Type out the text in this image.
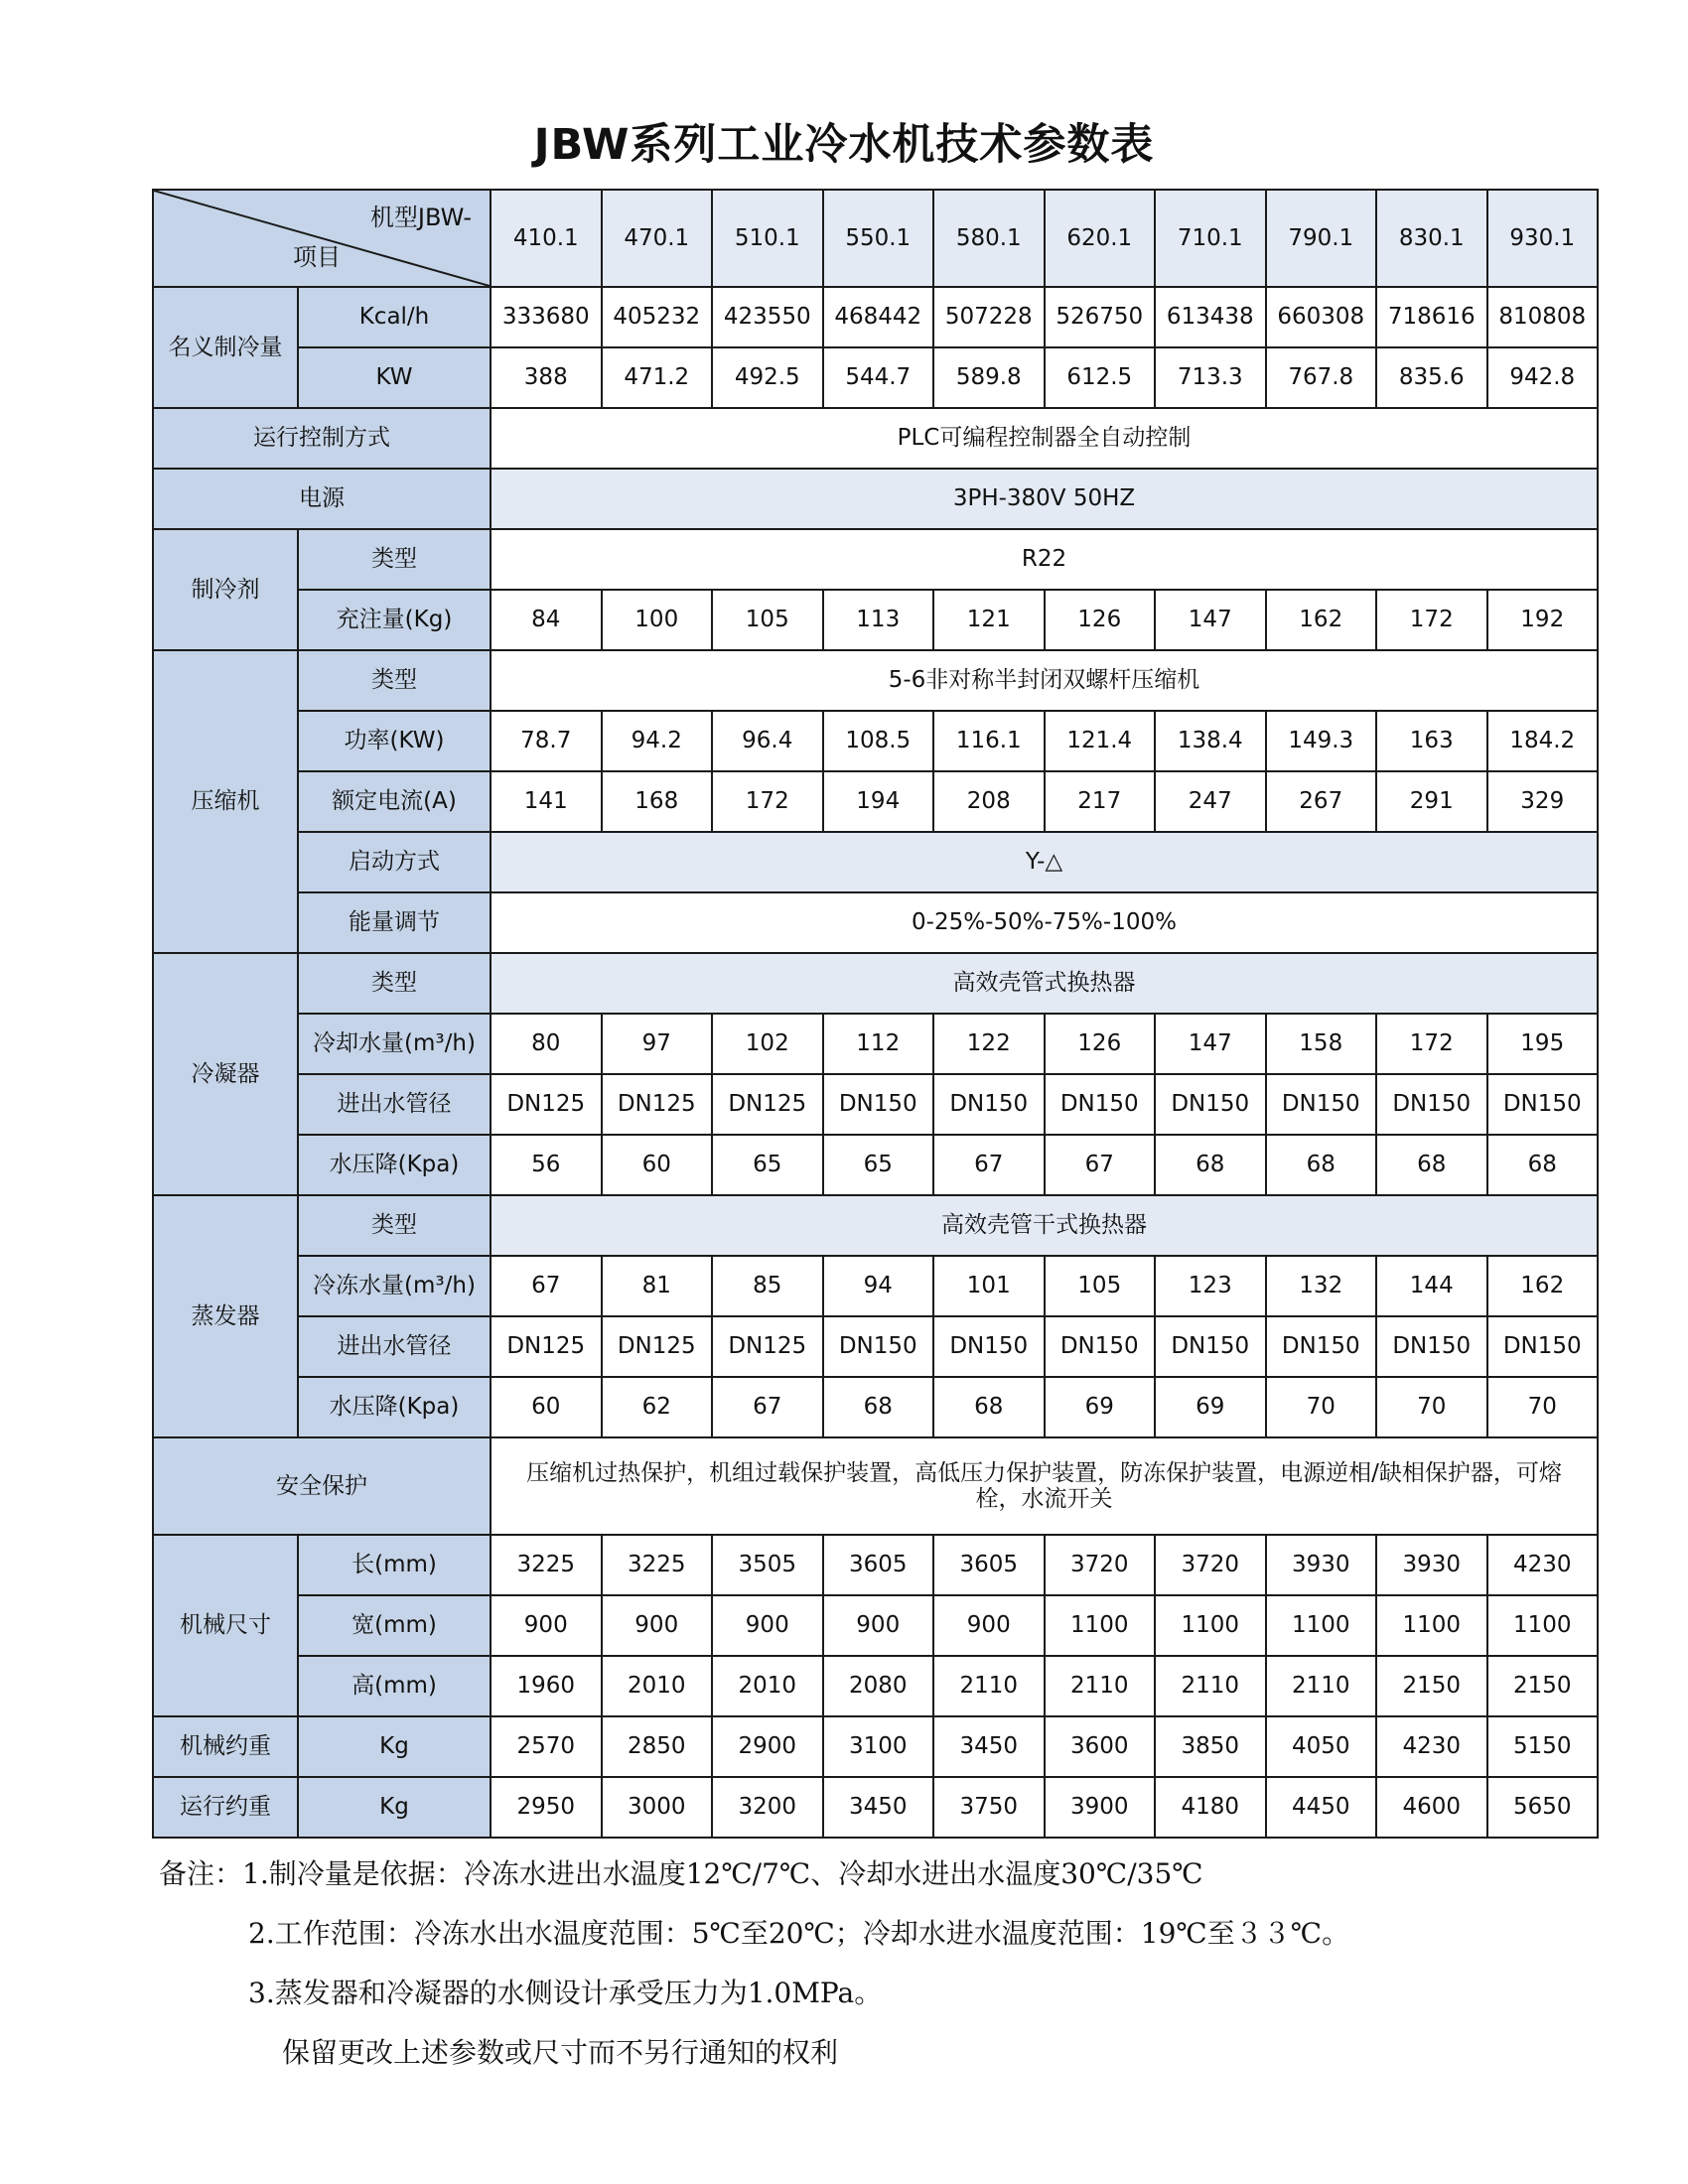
JBW系列工业冷水机技术参数表
机型JBW-
项目		410.1	470.1	510.1	550.1	580.1	620.1	710.1	790.1	830.1	930.1
名义制冷量	Kcal/h	333680	405232	423550	468442	507228	526750	613438	660308	718616	810808
	KW	388	471.2	492.5	544.7	589.8	612.5	713.3	767.8	835.6	942.8
运行控制方式		PLC可编程控制器全自动控制									
电源		3PH-380V 50HZ									
制冷剂	类型	R22									
	充注量(Kg)	84	100	105	113	121	126	147	162	172	192
压缩机	类型	5-6非对称半封闭双螺杆压缩机									
	功率(KW)	78.7	94.2	96.4	108.5	116.1	121.4	138.4	149.3	163	184.2
	额定电流(A)	141	168	172	194	208	217	247	267	291	329
	启动方式	Y-△									
	能量调节	0-25%-50%-75%-100%									
冷凝器	类型	高效壳管式换热器									
	冷却水量(m³/h)	80	97	102	112	122	126	147	158	172	195
	进出水管径	DN125	DN125	DN125	DN150	DN150	DN150	DN150	DN150	DN150	DN150
	水压降(Kpa)	56	60	65	65	67	67	68	68	68	68
蒸发器	类型	高效壳管干式换热器									
	冷冻水量(m³/h)	67	81	85	94	101	105	123	132	144	162
	进出水管径	DN125	DN125	DN125	DN150	DN150	DN150	DN150	DN150	DN150	DN150
	水压降(Kpa)	60	62	67	68	68	69	69	70	70	70
安全保护		压缩机过热保护，机组过载保护装置，高低压力保护装置，防冻保护装置，电源逆相/缺相保护器，可熔栓，水流开关									
机械尺寸	长(mm)	3225	3225	3505	3605	3605	3720	3720	3930	3930	4230
	宽(mm)	900	900	900	900	900	1100	1100	1100	1100	1100
	高(mm)	1960	2010	2010	2080	2110	2110	2110	2110	2150	2150
机械约重	Kg	2570	2850	2900	3100	3450	3600	3850	4050	4230	5150
运行约重	Kg	2950	3000	3200	3450	3750	3900	4180	4450	4600	5650
备注：1.制冷量是依据：冷冻水进出水温度12℃/7℃、冷却水进出水温度30℃/35℃
2.工作范围：冷冻水出水温度范围：5℃至20℃；冷却水进水温度范围：19℃至３３℃。
3.蒸发器和冷凝器的水侧设计承受压力为1.0MPa。
保留更改上述参数或尺寸而不另行通知的权利
